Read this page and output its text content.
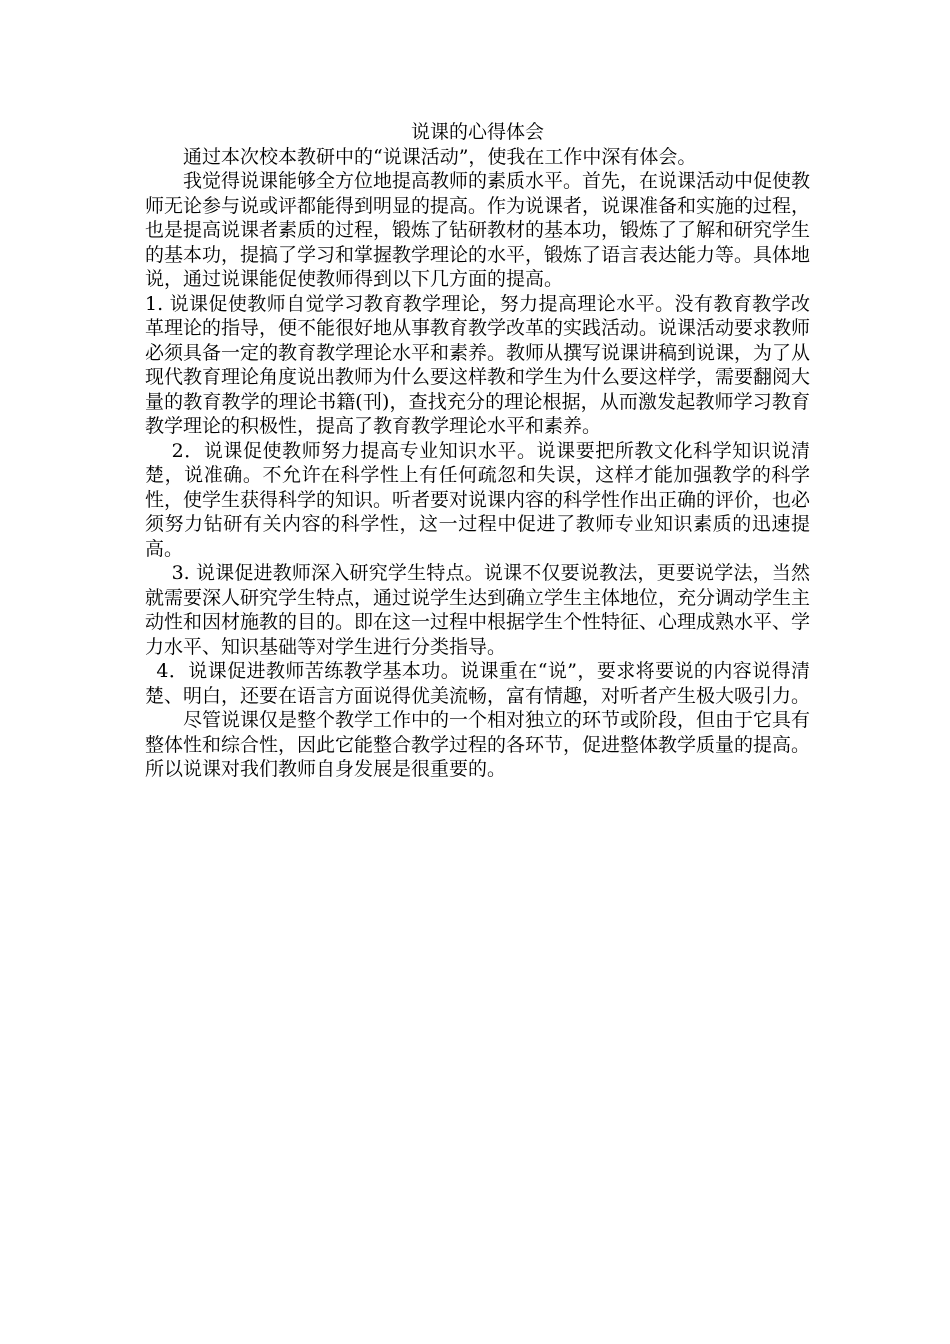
说课的心得体会

通过本次校本教研中的“说课活动”，使我在工作中深有体会。

我觉得说课能够全方位地提高教师的素质水平。首先，在说课活动中促使教师无论参与说或评都能得到明显的提高。作为说课者，说课准备和实施的过程，也是提高说课者素质的过程，锻炼了钻研教材的基本功，锻炼了了解和研究学生的基本功，提搞了学习和掌握教学理论的水平，锻炼了语言表达能力等。具体地说，通过说课能促使教师得到以下几方面的提高。

1. 说课促使教师自觉学习教育教学理论，努力提高理论水平。没有教育教学改革理论的指导，便不能很好地从事教育教学改革的实践活动。说课活动要求教师必须具备一定的教育教学理论水平和素养。教师从撰写说课讲稿到说课，为了从现代教育理论角度说出教师为什么要这样教和学生为什么要这样学，需要翻阅大量的教育教学的理论书籍(刊)，查找充分的理论根据，从而激发起教师学习教育教学理论的积极性，提高了教育教学理论水平和素养。

2．说课促使教师努力提高专业知识水平。说课要把所教文化科学知识说清楚，说准确。不允许在科学性上有任何疏忽和失误，这样才能加强教学的科学性，使学生获得科学的知识。听者要对说课内容的科学性作出正确的评价，也必须努力钻研有关内容的科学性，这一过程中促进了教师专业知识素质的迅速提高。

3. 说课促进教师深入研究学生特点。说课不仅要说教法，更要说学法，当然就需要深人研究学生特点，通过说学生达到确立学生主体地位，充分调动学生主动性和因材施教的目的。即在这一过程中根据学生个性特征、心理成熟水平、学力水平、知识基础等对学生进行分类指导。

4．说课促进教师苦练教学基本功。说课重在“说”，要求将要说的内容说得清楚、明白，还要在语言方面说得优美流畅，富有情趣，对听者产生极大吸引力。

尽管说课仅是整个教学工作中的一个相对独立的环节或阶段，但由于它具有整体性和综合性，因此它能整合教学过程的各环节，促进整体教学质量的提高。所以说课对我们教师自身发展是很重要的。
